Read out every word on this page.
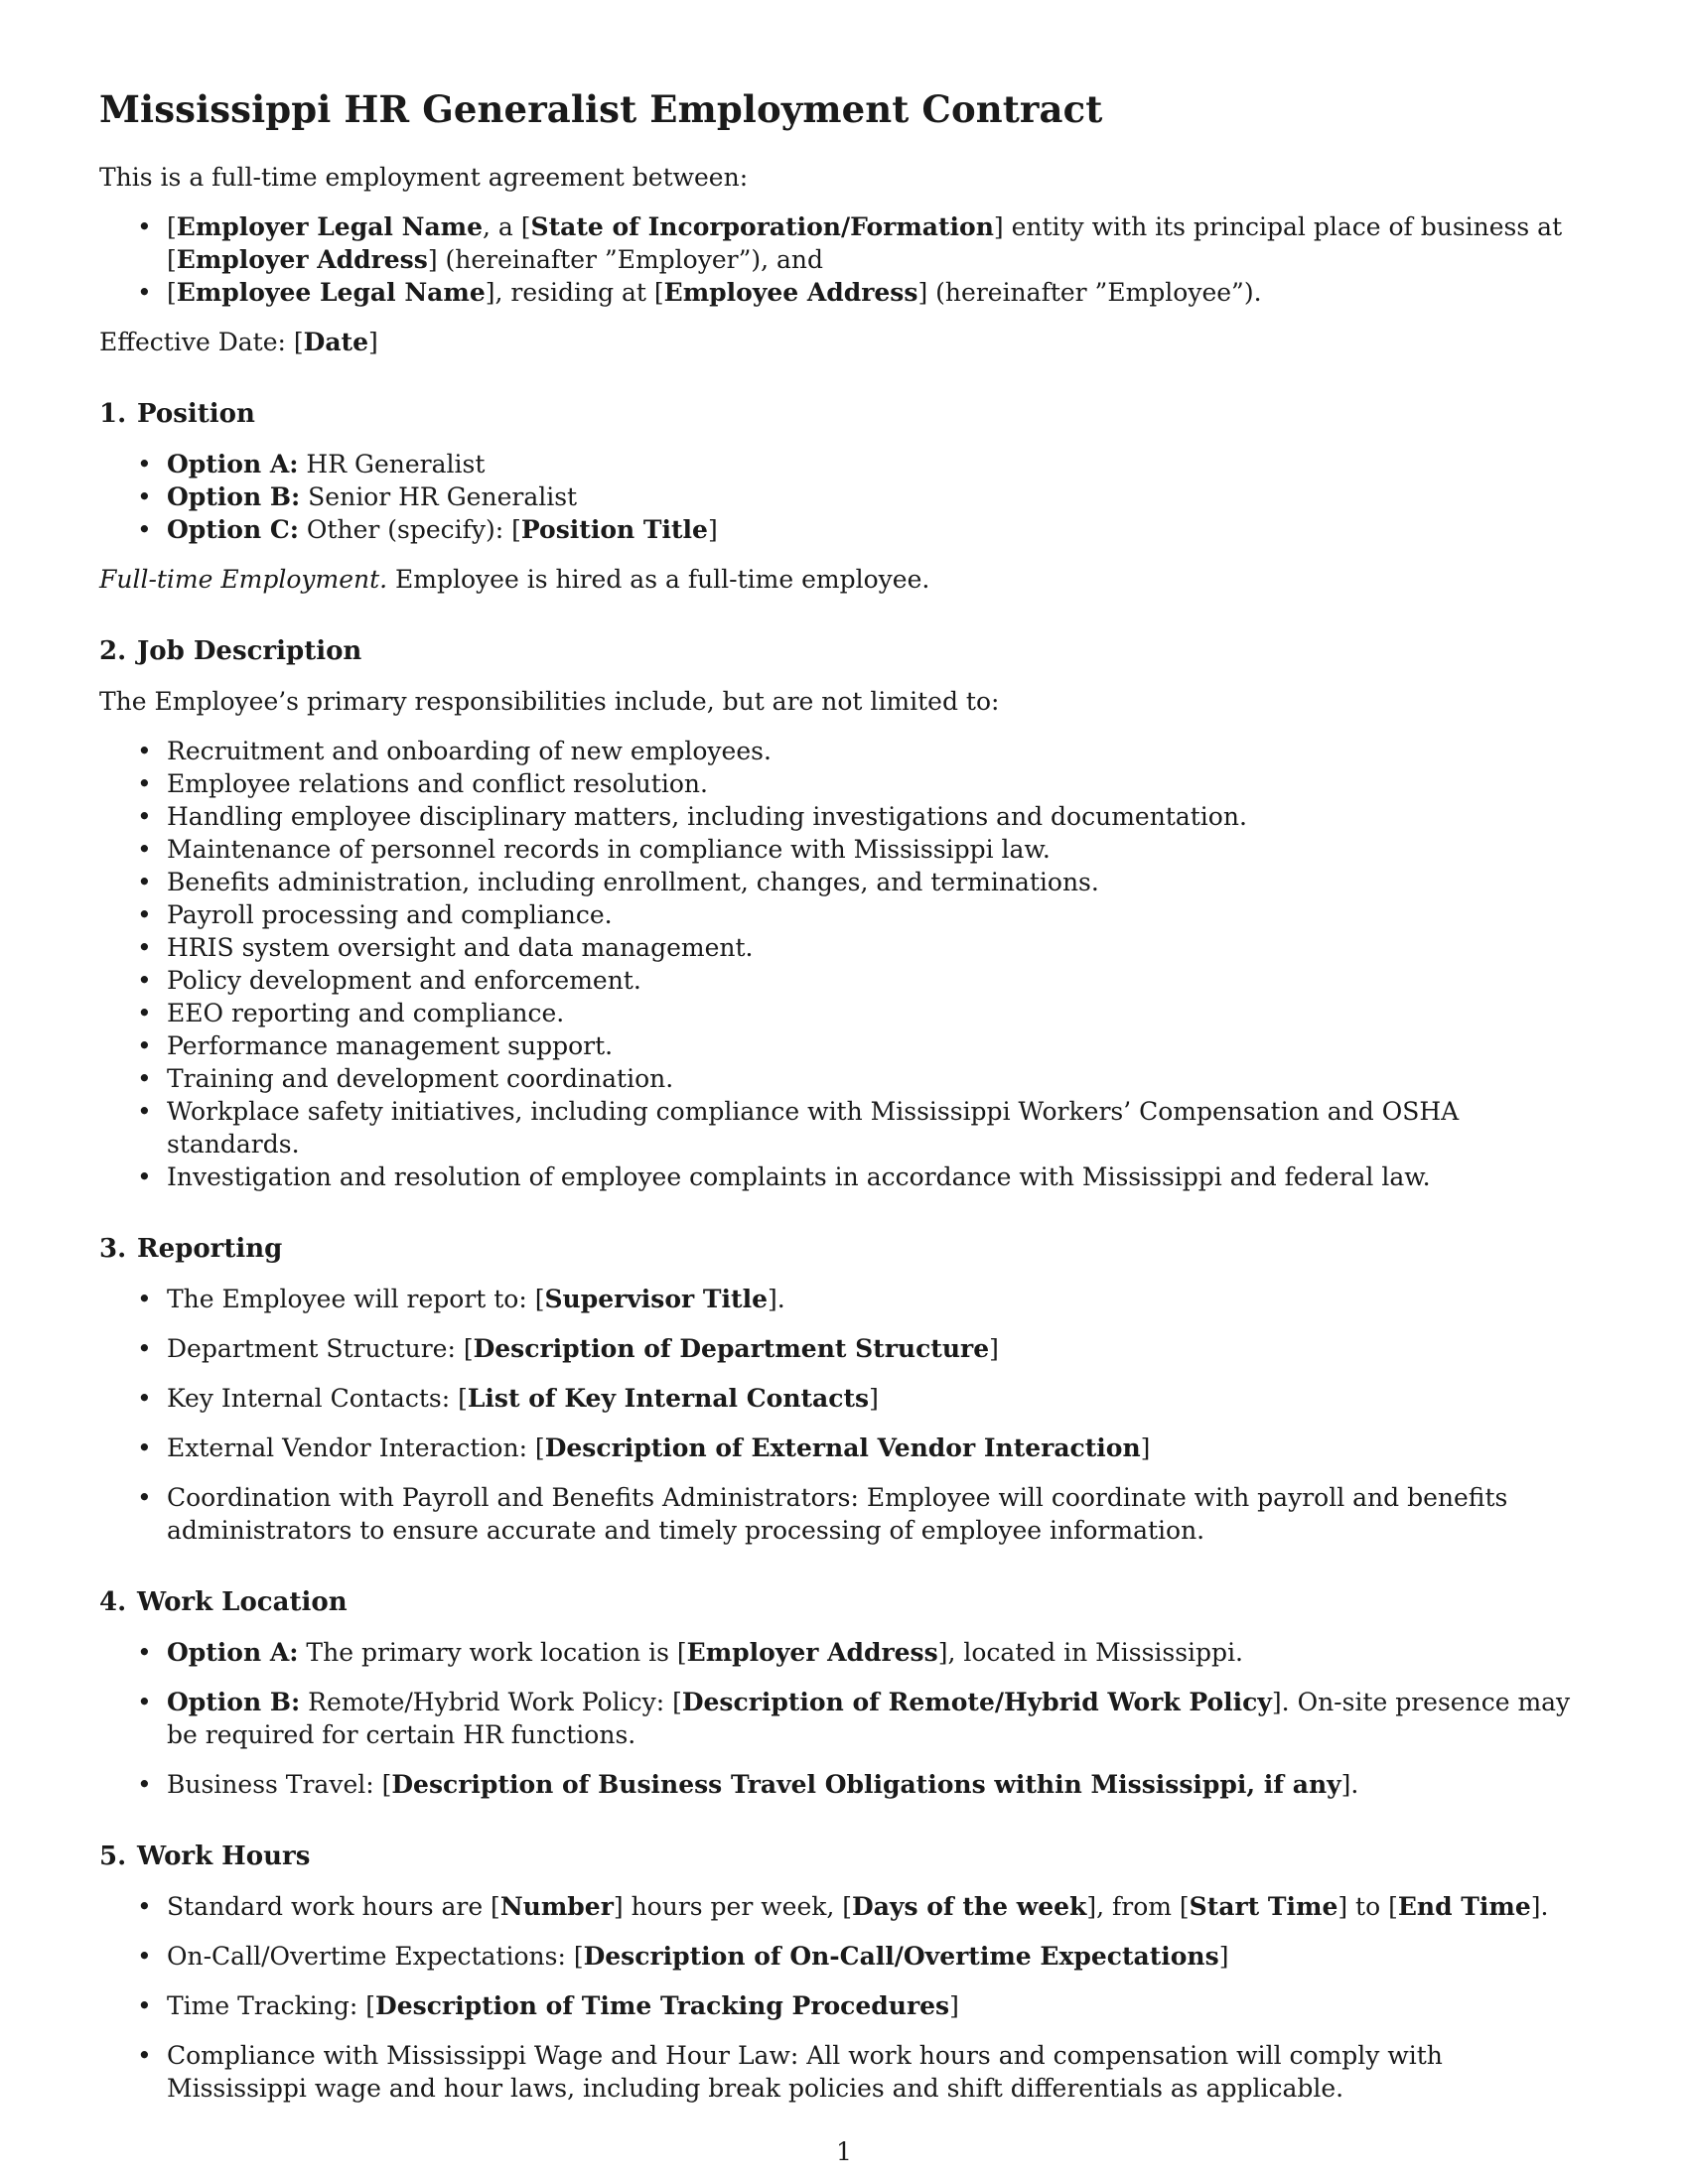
Mississippi HR Generalist Employment Contract

This is a full-time employment agreement between:

• [Employer Legal Name, a [State of Incorporation/Formation] entity with its principal place of business at [Employer Address] (hereinafter ”Employer”), and
• [Employee Legal Name], residing at [Employee Address] (hereinafter ”Employee”).

Effective Date: [Date]

1. Position
• Option A: HR Generalist
• Option B: Senior HR Generalist
• Option C: Other (specify): [Position Title]

Full-time Employment. Employee is hired as a full-time employee.

2. Job Description

The Employee’s primary responsibilities include, but are not limited to:

• Recruitment and onboarding of new employees.
• Employee relations and conflict resolution.
• Handling employee disciplinary matters, including investigations and documentation.
• Maintenance of personnel records in compliance with Mississippi law.
• Benefits administration, including enrollment, changes, and terminations.
• Payroll processing and compliance.
• HRIS system oversight and data management.
• Policy development and enforcement.
• EEO reporting and compliance.
• Performance management support.
• Training and development coordination.
• Workplace safety initiatives, including compliance with Mississippi Workers’ Compensation and OSHA standards.
• Investigation and resolution of employee complaints in accordance with Mississippi and federal law.
3. Reporting
• The Employee will report to: [Supervisor Title].
• Department Structure: [Description of Department Structure]
• Key Internal Contacts: [List of Key Internal Contacts]
• External Vendor Interaction: [Description of External Vendor Interaction]
• Coordination with Payroll and Benefits Administrators: Employee will coordinate with payroll and benefits administrators to ensure accurate and timely processing of employee information.
4. Work Location
• Option A: The primary work location is [Employer Address], located in Mississippi.
• Option B: Remote/Hybrid Work Policy: [Description of Remote/Hybrid Work Policy]. On-site presence may be required for certain HR functions.
• Business Travel: [Description of Business Travel Obligations within Mississippi, if any].
5. Work Hours
• Standard work hours are [Number] hours per week, [Days of the week], from [Start Time] to [End Time].
• On-Call/Overtime Expectations: [Description of On-Call/Overtime Expectations]
• Time Tracking: [Description of Time Tracking Procedures]
• Compliance with Mississippi Wage and Hour Law: All work hours and compensation will comply with Mississippi wage and hour laws, including break policies and shift differentials as applicable.
1
